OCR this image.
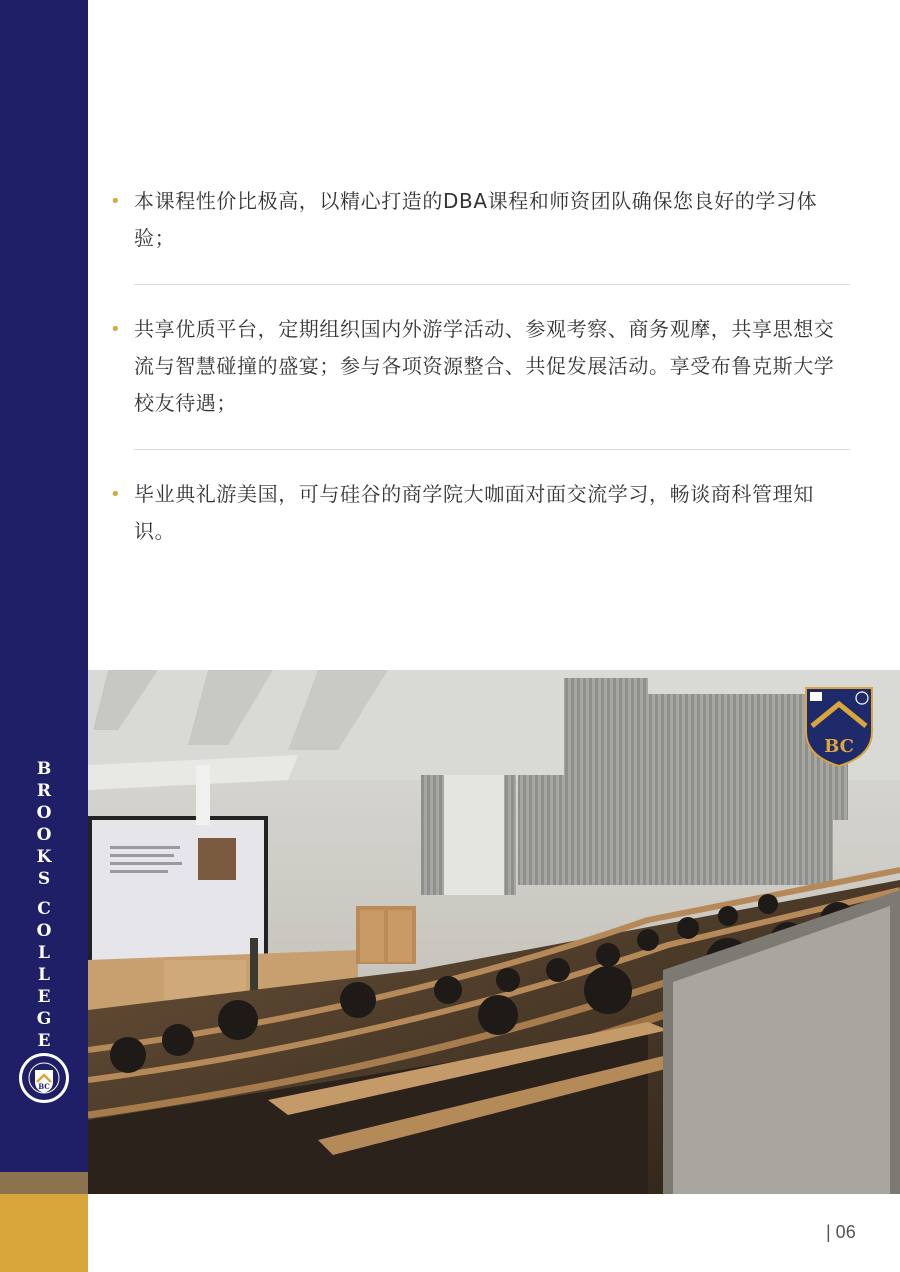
B
R
O
O
K
S
C
O
L
L
E
G
E
BC
• 本课程性价比极高，以精心打造的DBA课程和师资团队确保您良好的学习体验；
• 共享优质平台，定期组织国内外游学活动、参观考察、商务观摩，共享思想交流与智慧碰撞的盛宴；参与各项资源整合、共促发展活动。享受布鲁克斯大学校友待遇；
• 毕业典礼游美国，可与硅谷的商学院大咖面对面交流学习，畅谈商科管理知识。
BC
| 06
